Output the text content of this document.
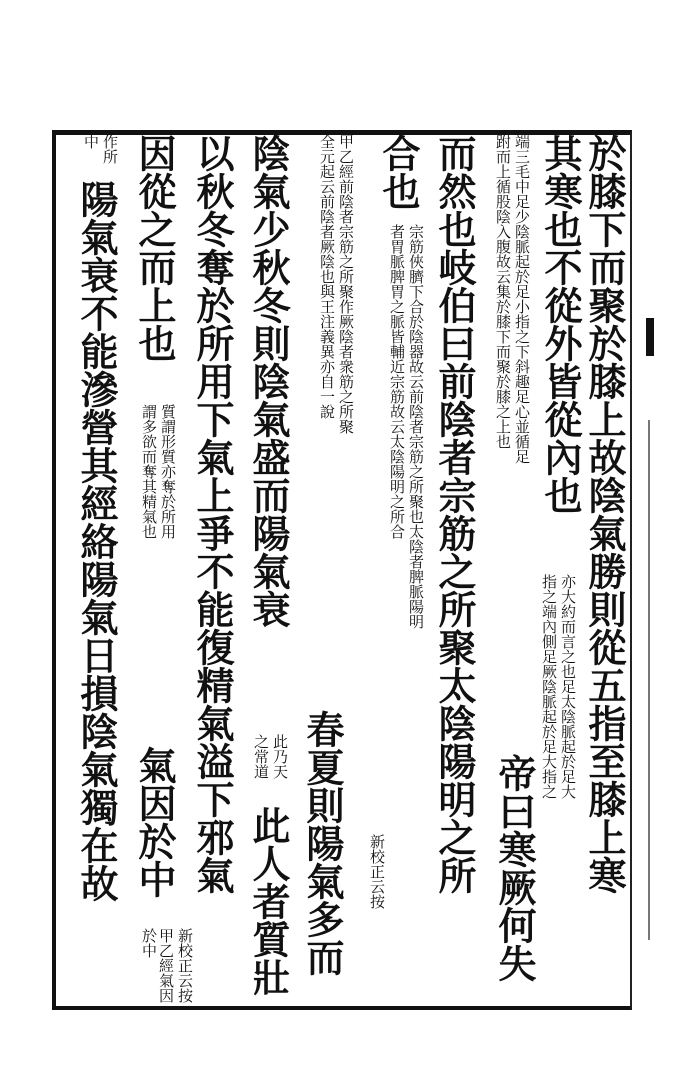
於膝下而聚於膝上故陰氣勝則從五指至膝上寒
其寒也不從外皆從內也
亦大約而言之也足太陰脈起於足大
指之端內側足厥陰脈起於足大指之
端三毛中足少陰脈起於足小指之下斜趣足心並循足
跗而上循股陰入腹故云集於膝下而聚於膝之上也
帝曰寒厥何失
而然也岐伯曰前陰者宗筋之所聚太陰陽明之所
合也
宗筋俠臍下合於陰器故云前陰者宗筋之所聚也太陰者脾脈陽明
者胃脈脾胃之脈皆輔近宗筋故云太陰陽明之所合
新校正云按
甲乙經前陰者宗筋之所聚作厥陰者衆筋之所聚
全元起云前陰者厥陰也與王注義異亦自一說
春夏則陽氣多而
陰氣少秋冬則陰氣盛而陽氣衰
此乃天
之常道
此人者質壯
以秋冬奪於所用下氣上爭不能復精氣溢下邪氣
因從之而上也
質謂形質亦奪於所用
謂多欲而奪其精氣也
氣因於中
新校正云按
甲乙經氣因於中
作所
中
陽氣衰不能滲營其經絡陽氣日損陰氣獨在故
